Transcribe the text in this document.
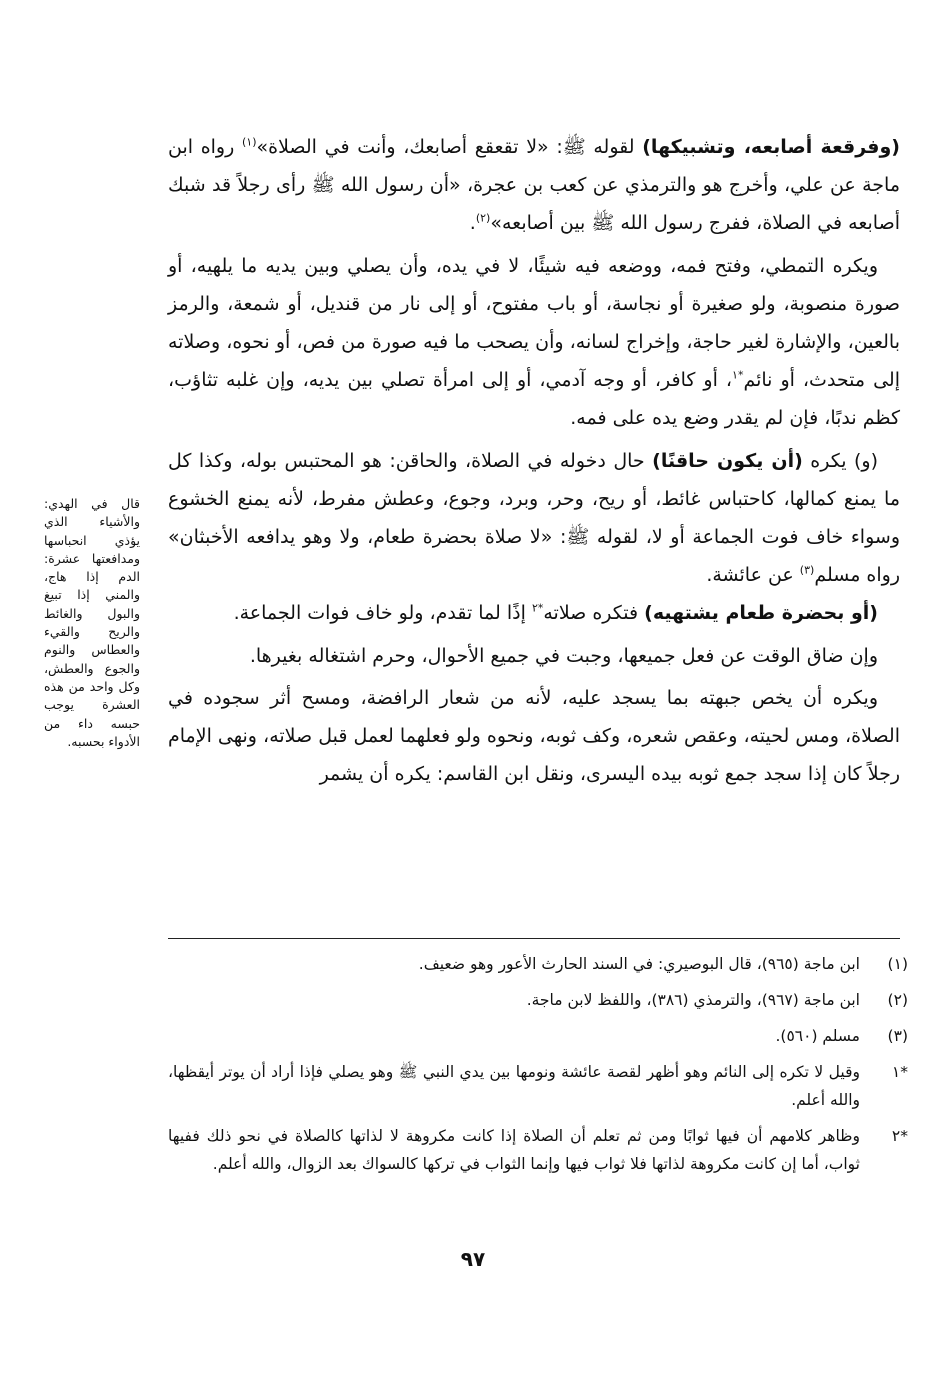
(وفرقعة أصابعه، وتشبيكها) لقوله ﷺ: «لا تقعقع أصابعك، وأنت في الصلاة»$^{(١)}$ رواه ابن ماجة عن علي، وأخرج هو والترمذي عن كعب بن عجرة، «أن رسول الله ﷺ رأى رجلاً قد شبك أصابعه في الصلاة، ففرج رسول الله ﷺ بين أصابعه»$^{(٢)}$.

ويكره التمطي، وفتح فمه، ووضعه فيه شيئًا، لا في يده، وأن يصلي وبين يديه ما يلهيه، أو صورة منصوبة، ولو صغيرة أو نجاسة، أو باب مفتوح، أو إلى نار من قنديل، أو شمعة، والرمز بالعين، والإشارة لغير حاجة، وإخراج لسانه، وأن يصحب ما فيه صورة من فص، أو نحوه، وصلاته إلى متحدث، أو نائم$^{*١}$، أو كافر، أو وجه آدمي، أو إلى امرأة تصلي بين يديه، وإن غلبه تثاؤب، كظم ندبًا، فإن لم يقدر وضع يده على فمه.

(و) يكره (أن يكون حاقنًا) حال دخوله في الصلاة، والحاقن: هو المحتبس بوله، وكذا كل ما يمنع كمالها، كاحتباس غائط، أو ريح، وحر، وبرد، وجوع، وعطش مفرط، لأنه يمنع الخشوع وسواء خاف فوت الجماعة أو لا، لقوله ﷺ: «لا صلاة بحضرة طعام، ولا وهو يدافعه الأخبثان» رواه مسلم$^{(٣)}$ عن عائشة.

(أو بحضرة طعام يشتهيه) فتكره صلاته$^{*٢}$ إذًا لما تقدم، ولو خاف فوات الجماعة.

وإن ضاق الوقت عن فعل جميعها، وجبت في جميع الأحوال، وحرم اشتغاله بغيرها.

ويكره أن يخص جبهته بما يسجد عليه، لأنه من شعار الرافضة، ومسح أثر سجوده في الصلاة، ومس لحيته، وعقص شعره، وكف ثوبه، ونحوه ولو فعلهما لعمل قبل صلاته، ونهى الإمام رجلاً كان إذا سجد جمع ثوبه بيده اليسرى، ونقل ابن القاسم: يكره أن يشمر

قال في الهدي: والأشياء الذي يؤذي انحباسها ومدافعتها عشرة: الدم إذا هاج، والمني إذا تبيغ والبول والغائط والريح والقيء والعطاس والنوم والجوع والعطش، وكل واحد من هذه العشرة يوجب حبسه داء من الأدواء بحسبه.
(١)
ابن ماجة (٩٦٥)، قال البوصيري: في السند الحارث الأعور وهو ضعيف.
(٢)
ابن ماجة (٩٦٧)، والترمذي (٣٨٦)، واللفظ لابن ماجة.
(٣)
مسلم (٥٦٠).
*١
وقيل لا تكره إلى النائم وهو أظهر لقصة عائشة ونومها بين يدي النبي ﷺ وهو يصلي فإذا أراد أن يوتر أيقظها، والله أعلم.
*٢
وظاهر كلامهم أن فيها ثوابًا ومن ثم تعلم أن الصلاة إذا كانت مكروهة لا لذاتها كالصلاة في نحو ذلك ففيها ثواب، أما إن كانت مكروهة لذاتها فلا ثواب فيها وإنما الثواب في تركها كالسواك بعد الزوال، والله أعلم.
٩٧
